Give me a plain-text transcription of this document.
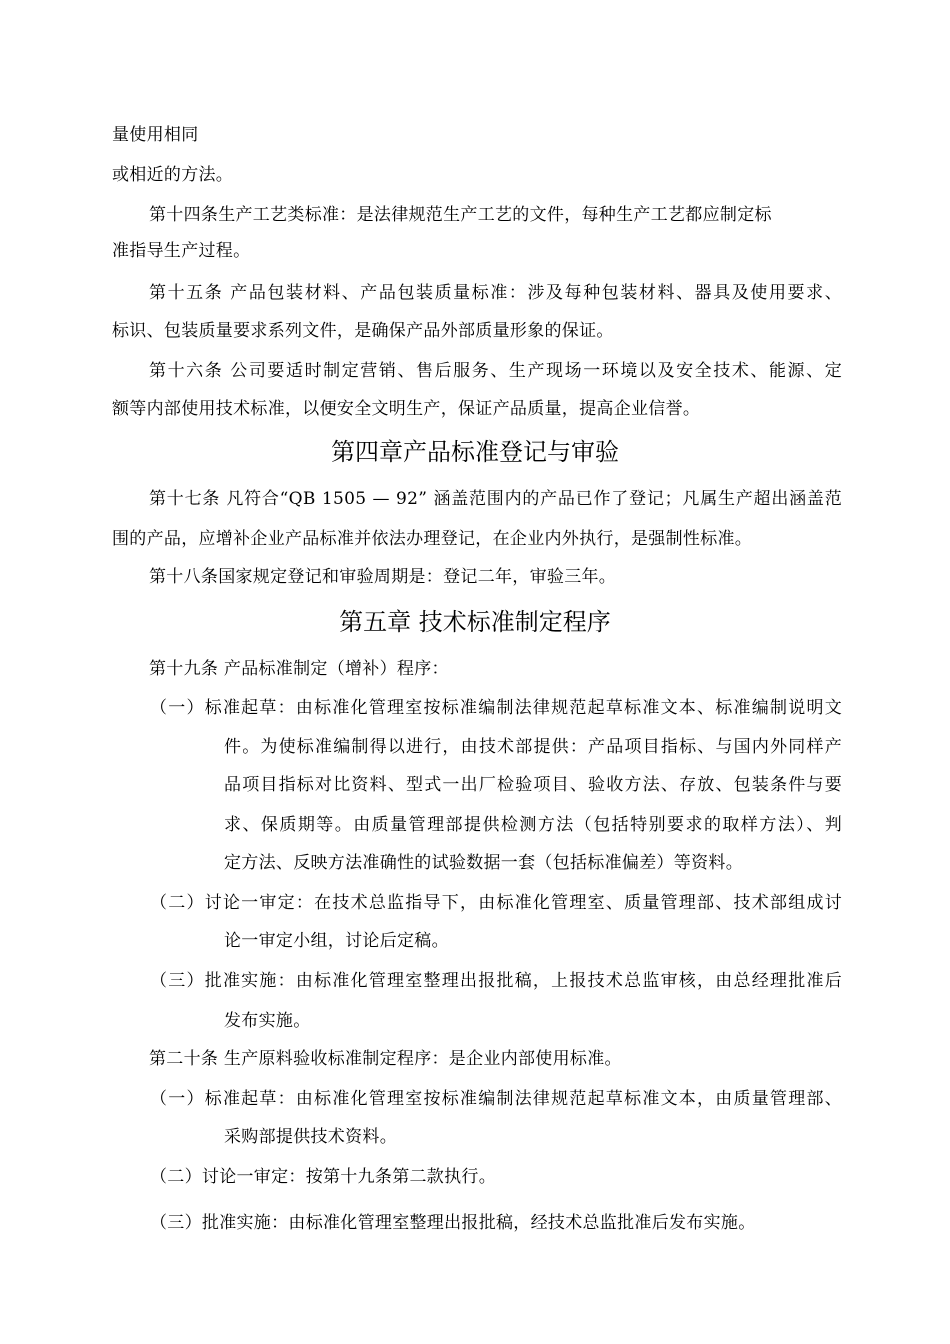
量使用相同

或相近的方法。

第十四条生产工艺类标准：是法律规范生产工艺的文件，每种生产工艺都应制定标

准指导生产过程。

第十五条 产品包装材料、产品包装质量标准：涉及每种包装材料、器具及使用要求、

标识、包装质量要求系列文件，是确保产品外部质量形象的保证。

第十六条 公司要适时制定营销、售后服务、生产现场一环境以及安全技术、能源、定

额等内部使用技术标准，以便安全文明生产，保证产品质量，提高企业信誉。

第四章产品标准登记与审验

第十七条 凡符合“QB 1505 — 92” 涵盖范围内的产品已作了登记；凡属生产超出涵盖范

围的产品，应增补企业产品标准并依法办理登记，在企业内外执行，是强制性标准。

第十八条国家规定登记和审验周期是：登记二年，审验三年。

第五章 技术标准制定程序

第十九条 产品标准制定（增补）程序：

（一）标准起草：由标准化管理室按标准编制法律规范起草标准文本、标准编制说明文

件。为使标准编制得以进行，由技术部提供：产品项目指标、与国内外同样产

品项目指标对比资料、型式一出厂检验项目、验收方法、存放、包装条件与要

求、保质期等。由质量管理部提供检测方法（包括特别要求的取样方法）、判

定方法、反映方法准确性的试验数据一套（包括标准偏差）等资料。

（二）讨论一审定：在技术总监指导下，由标准化管理室、质量管理部、技术部组成讨

论一审定小组，讨论后定稿。

（三）批准实施：由标准化管理室整理出报批稿，上报技术总监审核，由总经理批准后

发布实施。

第二十条 生产原料验收标准制定程序：是企业内部使用标准。

（一）标准起草：由标准化管理室按标准编制法律规范起草标准文本，由质量管理部、

采购部提供技术资料。

（二）讨论一审定：按第十九条第二款执行。

（三）批准实施：由标准化管理室整理出报批稿，经技术总监批准后发布实施。
